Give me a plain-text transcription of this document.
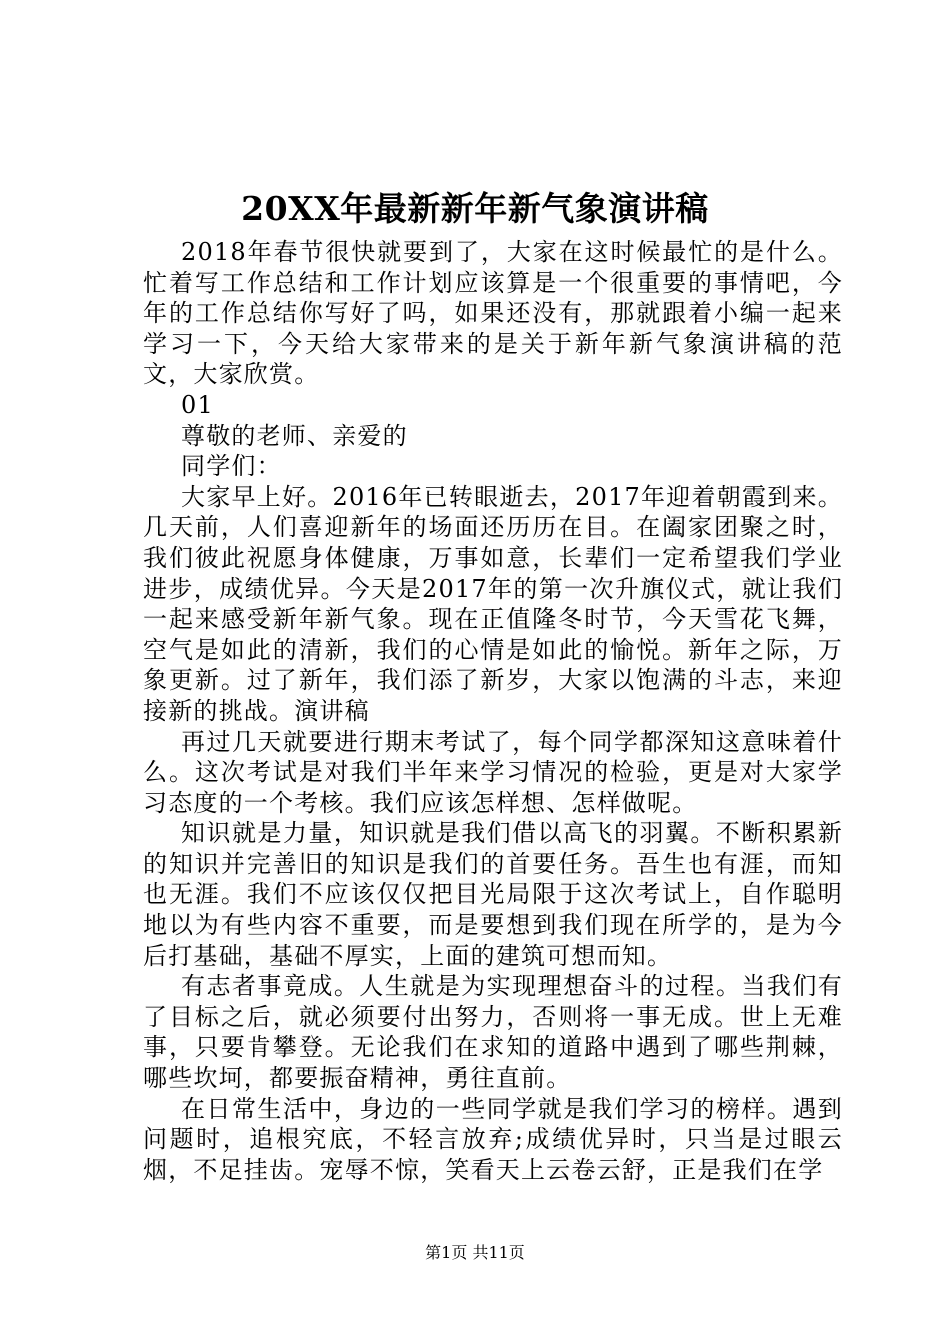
20XX年最新新年新气象演讲稿

2018年春节很快就要到了，大家在这时候最忙的是什么。忙着写工作总结和工作计划应该算是一个很重要的事情吧，今年的工作总结你写好了吗，如果还没有，那就跟着小编一起来学习一下，今天给大家带来的是关于新年新气象演讲稿的范文，大家欣赏。

01

尊敬的老师、亲爱的

同学们：

大家早上好。2016年已转眼逝去，2017年迎着朝霞到来。几天前，人们喜迎新年的场面还历历在目。在阖家团聚之时，我们彼此祝愿身体健康，万事如意，长辈们一定希望我们学业进步，成绩优异。今天是2017年的第一次升旗仪式，就让我们一起来感受新年新气象。现在正值隆冬时节，今天雪花飞舞，空气是如此的清新，我们的心情是如此的愉悦。新年之际，万象更新。过了新年，我们添了新岁，大家以饱满的斗志，来迎接新的挑战。演讲稿

再过几天就要进行期末考试了，每个同学都深知这意味着什么。这次考试是对我们半年来学习情况的检验，更是对大家学习态度的一个考核。我们应该怎样想、怎样做呢。

知识就是力量，知识就是我们借以高飞的羽翼。不断积累新的知识并完善旧的知识是我们的首要任务。吾生也有涯，而知也无涯。我们不应该仅仅把目光局限于这次考试上，自作聪明地以为有些内容不重要，而是要想到我们现在所学的，是为今后打基础，基础不厚实，上面的建筑可想而知。

有志者事竟成。人生就是为实现理想奋斗的过程。当我们有了目标之后，就必须要付出努力，否则将一事无成。世上无难事，只要肯攀登。无论我们在求知的道路中遇到了哪些荆棘，哪些坎坷，都要振奋精神，勇往直前。

在日常生活中，身边的一些同学就是我们学习的榜样。遇到问题时，追根究底，不轻言放弃;成绩优异时，只当是过眼云烟，不足挂齿。宠辱不惊，笑看天上云卷云舒，正是我们在学

第1页 共11页
